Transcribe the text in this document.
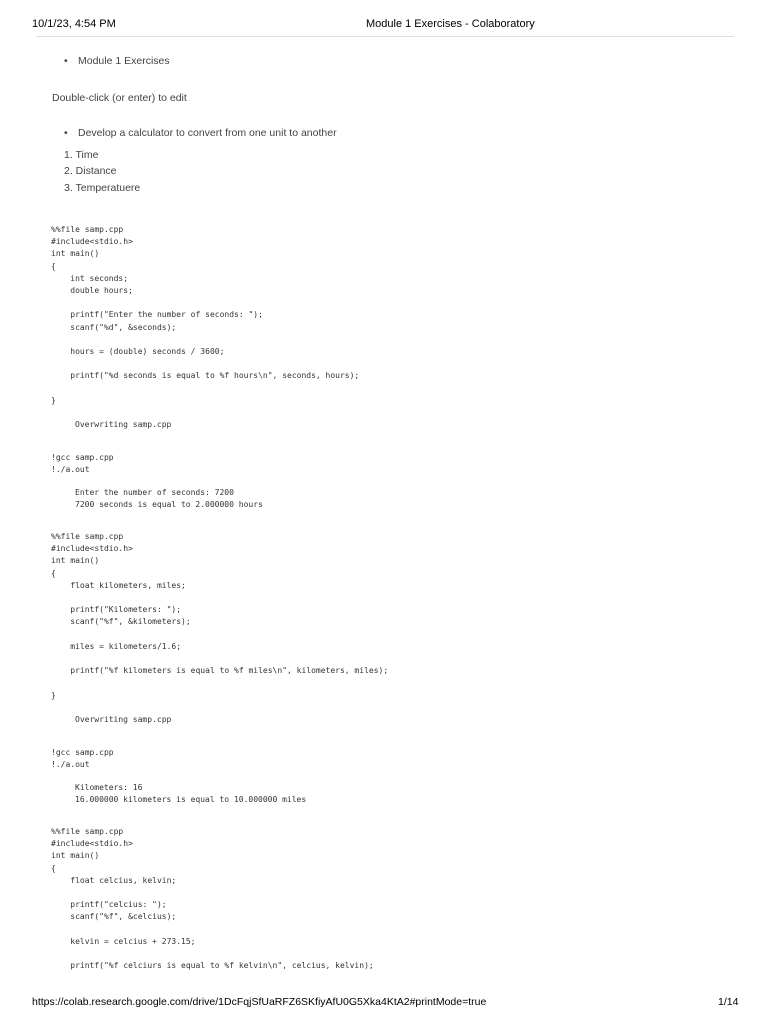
10/1/23, 4:54 PM	Module 1 Exercises - Colaboratory
• Module 1 Exercises
Double-click (or enter) to edit
• Develop a calculator to convert from one unit to another
1. Time
2. Distance
3. Temperatuere
%%file samp.cpp
#include<stdio.h>
int main()
{
int seconds;
double hours;

printf("Enter the number of seconds: ");
scanf("%d", &seconds);

hours = (double) seconds / 3600;

printf("%d seconds is equal to %f hours\n", seconds, hours);

}
Overwriting samp.cpp
!gcc samp.cpp
!./a.out
Enter the number of seconds: 7200
7200 seconds is equal to 2.000000 hours
%%file samp.cpp
#include<stdio.h>
int main()
{
float kilometers, miles;

printf("Kilometers: ");
scanf("%f", &kilometers);

miles = kilometers/1.6;

printf("%f kilometers is equal to %f miles\n", kilometers, miles);

}
Overwriting samp.cpp
!gcc samp.cpp
!./a.out
Kilometers: 16
16.000000 kilometers is equal to 10.000000 miles
%%file samp.cpp
#include<stdio.h>
int main()
{
float celcius, kelvin;

printf("celcius: ");
scanf("%f", &celcius);

kelvin = celcius + 273.15;

printf("%f celciurs is equal to %f kelvin\n", celcius, kelvin);
https://colab.research.google.com/drive/1DcFqjSfUaRFZ6SKfiyAfU0G5Xka4KtA2#printMode=true	1/14
